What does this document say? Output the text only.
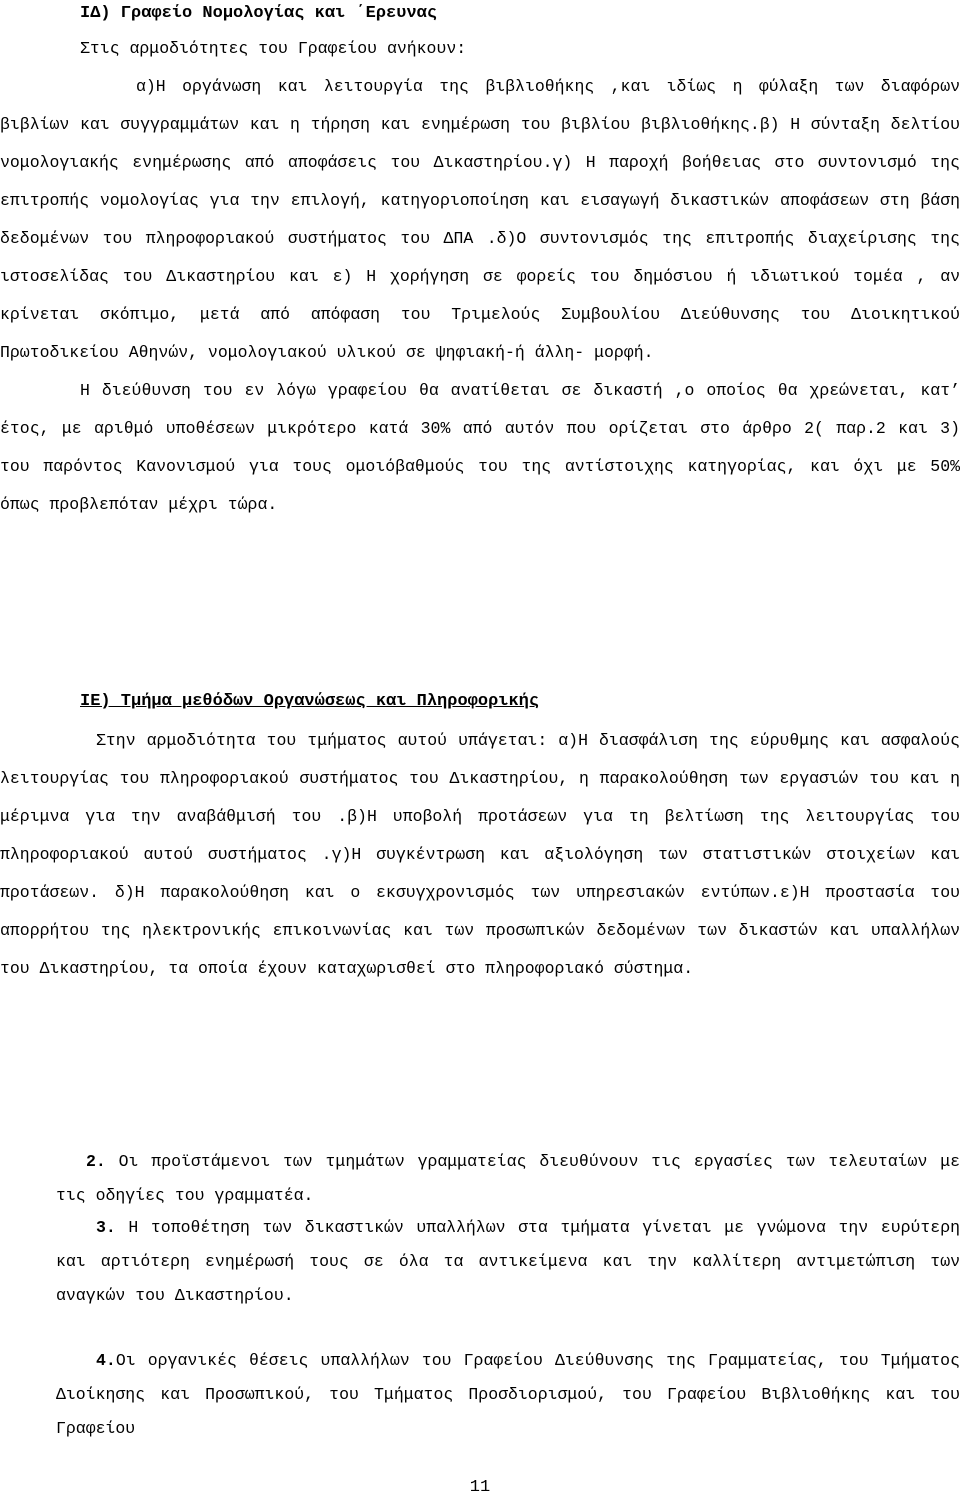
ΙΔ) Γραφείο Νομολογίας και ΄Ερευνας

Στις αρμοδιότητες του Γραφείου ανήκουν:

α)Η οργάνωση και λειτουργία της βιβλιοθήκης ,και ιδίως η φύλαξη των διαφόρων βιβλίων και συγγραμμάτων και η τήρηση και ενημέρωση του βιβλίου βιβλιοθήκης.β) Η σύνταξη δελτίου νομολογιακής ενημέρωσης από αποφάσεις του Δικαστηρίου.γ) Η παροχή βοήθειας στο συντονισμό της επιτροπής νομολογίας για την επιλογή, κατηγοριοποίηση και εισαγωγή δικαστικών αποφάσεων στη βάση δεδομένων του πληροφοριακού συστήματος του ΔΠΑ .δ)Ο συντονισμός της επιτροπής διαχείρισης της ιστοσελίδας του Δικαστηρίου και ε) Η χορήγηση σε φορείς του δημόσιου ή ιδιωτικού τομέα , αν κρίνεται σκόπιμο, μετά από απόφαση του Τριμελούς Συμβουλίου Διεύθυνσης του Διοικητικού Πρωτοδικείου Αθηνών, νομολογιακού υλικού σε ψηφιακή-ή άλλη- μορφή.

Η διεύθυνση του εν λόγω γραφείου θα ανατίθεται σε δικαστή ,ο οποίος θα χρεώνεται, κατ’ έτος, με αριθμό υποθέσεων μικρότερο κατά 30% από αυτόν που ορίζεται στο άρθρο 2( παρ.2 και 3) του παρόντος Κανονισμού για τους ομοιόβαθμούς του της αντίστοιχης κατηγορίας, και όχι με 50% όπως προβλεπόταν μέχρι τώρα.

ΙΕ) Τμήμα μεθόδων Οργανώσεως και Πληροφορικής

Στην αρμοδιότητα του τμήματος αυτού υπάγεται: α)Η διασφάλιση της εύρυθμης και ασφαλούς λειτουργίας του πληροφοριακού συστήματος του Δικαστηρίου, η παρακολούθηση των εργασιών του και η μέριμνα για την αναβάθμισή του .β)Η υποβολή προτάσεων για τη βελτίωση της λειτουργίας του πληροφοριακού αυτού συστήματος .γ)Η συγκέντρωση και αξιολόγηση των στατιστικών στοιχείων και προτάσεων. δ)Η παρακολούθηση και ο εκσυγχρονισμός των υπηρεσιακών εντύπων.ε)Η προστασία του απορρήτου της ηλεκτρονικής επικοινωνίας και των προσωπικών δεδομένων των δικαστών και υπαλλήλων του Δικαστηρίου, τα οποία έχουν καταχωρισθεί στο πληροφοριακό σύστημα.

2. Οι προϊστάμενοι των τμημάτων γραμματείας διευθύνουν τις εργασίες των τελευταίων με τις οδηγίες του γραμματέα.
3. Η τοποθέτηση των δικαστικών υπαλλήλων στα τμήματα γίνεται με γνώμονα την ευρύτερη και αρτιότερη ενημέρωσή τους σε όλα τα αντικείμενα και την καλλίτερη αντιμετώπιση των αναγκών του Δικαστηρίου.
4.Οι οργανικές θέσεις υπαλλήλων του Γραφείου Διεύθυνσης της Γραμματείας, του Τμήματος Διοίκησης και Προσωπικού, του Τμήματος Προσδιορισμού, του Γραφείου Βιβλιοθήκης και του Γραφείου
11
